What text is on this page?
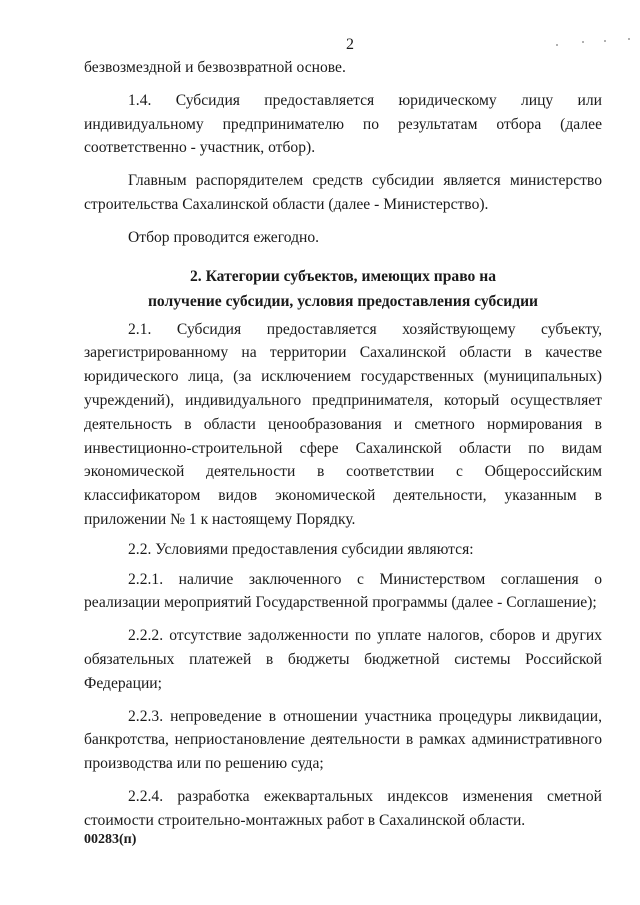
2

безвозмездной и безвозвратной основе.

1.4. Субсидия предоставляется юридическому лицу или индивидуальному предпринимателю по результатам отбора (далее соответственно - участник, отбор).

Главным распорядителем средств субсидии является министерство строительства Сахалинской области (далее - Министерство).

Отбор проводится ежегодно.

2. Категории субъектов, имеющих право на
получение субсидии, условия предоставления субсидии

2.1. Субсидия предоставляется хозяйствующему субъекту, зарегистрированному на территории Сахалинской области в качестве юридического лица, (за исключением государственных (муниципальных) учреждений), индивидуального предпринимателя, который осуществляет деятельность в области ценообразования и сметного нормирования в инвестиционно-строительной сфере Сахалинской области по видам экономической деятельности в соответствии с Общероссийским классификатором видов экономической деятельности, указанным в приложении № 1 к настоящему Порядку.

2.2. Условиями предоставления субсидии являются:

2.2.1. наличие заключенного с Министерством соглашения о реализации мероприятий Государственной программы (далее - Соглашение);

2.2.2. отсутствие задолженности по уплате налогов, сборов и других обязательных платежей в бюджеты бюджетной системы Российской Федерации;

2.2.3. непроведение в отношении участника процедуры ликвидации, банкротства, неприостановление деятельности в рамках административного производства или по решению суда;

2.2.4. разработка ежеквартальных индексов изменения сметной стоимости строительно-монтажных работ в Сахалинской области.

00283(п)
